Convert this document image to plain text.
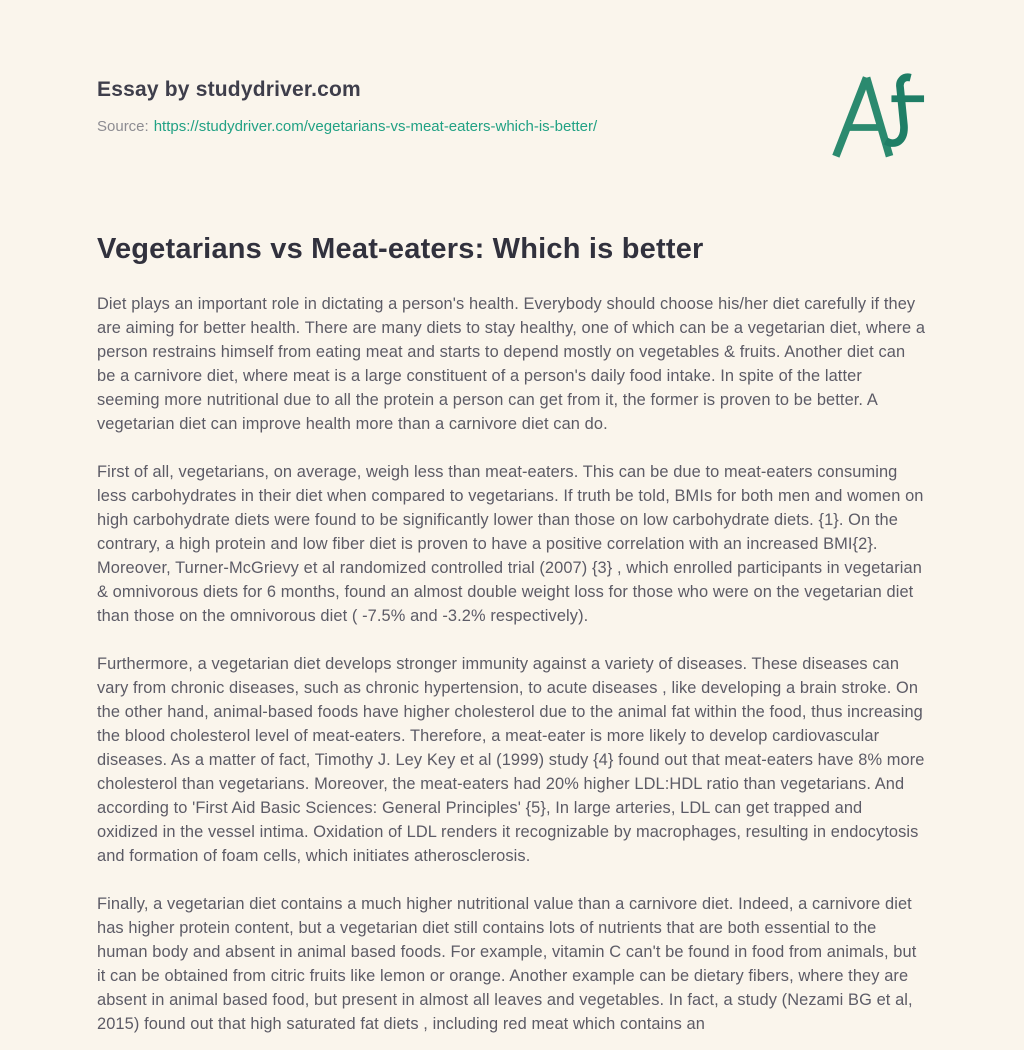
Essay by studydriver.com
Source: https://studydriver.com/vegetarians-vs-meat-eaters-which-is-better/
Vegetarians vs Meat-eaters: Which is better

Diet plays an important role in dictating a person's health. Everybody should choose his/her diet carefully if they are aiming for better health. There are many diets to stay healthy, one of which can be a vegetarian diet, where a person restrains himself from eating meat and starts to depend mostly on vegetables & fruits. Another diet can be a carnivore diet, where meat is a large constituent of a person's daily food intake. In spite of the latter seeming more nutritional due to all the protein a person can get from it, the former is proven to be better. A vegetarian diet can improve health more than a carnivore diet can do.

First of all, vegetarians, on average, weigh less than meat-eaters. This can be due to meat-eaters consuming less carbohydrates in their diet when compared to vegetarians. If truth be told, BMIs for both men and women on high carbohydrate diets were found to be significantly lower than those on low carbohydrate diets. {1}. On the contrary, a high protein and low fiber diet is proven to have a positive correlation with an increased BMI{2}. Moreover, Turner-McGrievy et al randomized controlled trial (2007) {3} , which enrolled participants in vegetarian & omnivorous diets for 6 months, found an almost double weight loss for those who were on the vegetarian diet than those on the omnivorous diet ( -7.5% and -3.2% respectively).

Furthermore, a vegetarian diet develops stronger immunity against a variety of diseases. These diseases can vary from chronic diseases, such as chronic hypertension, to acute diseases , like developing a brain stroke. On the other hand, animal-based foods have higher cholesterol due to the animal fat within the food, thus increasing the blood cholesterol level of meat-eaters. Therefore, a meat-eater is more likely to develop cardiovascular diseases. As a matter of fact, Timothy J. Ley Key et al (1999) study {4} found out that meat-eaters have 8% more cholesterol than vegetarians. Moreover, the meat-eaters had 20% higher LDL:HDL ratio than vegetarians. And according to 'First Aid Basic Sciences: General Principles' {5}, In large arteries, LDL can get trapped and oxidized in the vessel intima. Oxidation of LDL renders it recognizable by macrophages, resulting in endocytosis and formation of foam cells, which initiates atherosclerosis.

Finally, a vegetarian diet contains a much higher nutritional value than a carnivore diet. Indeed, a carnivore diet has higher protein content, but a vegetarian diet still contains lots of nutrients that are both essential to the human body and absent in animal based foods. For example, vitamin C can't be found in food from animals, but it can be obtained from citric fruits like lemon or orange. Another example can be dietary fibers, where they are absent in animal based food, but present in almost all leaves and vegetables. In fact, a study (Nezami BG et al, 2015) found out that high saturated fat diets , including red meat which contains an
